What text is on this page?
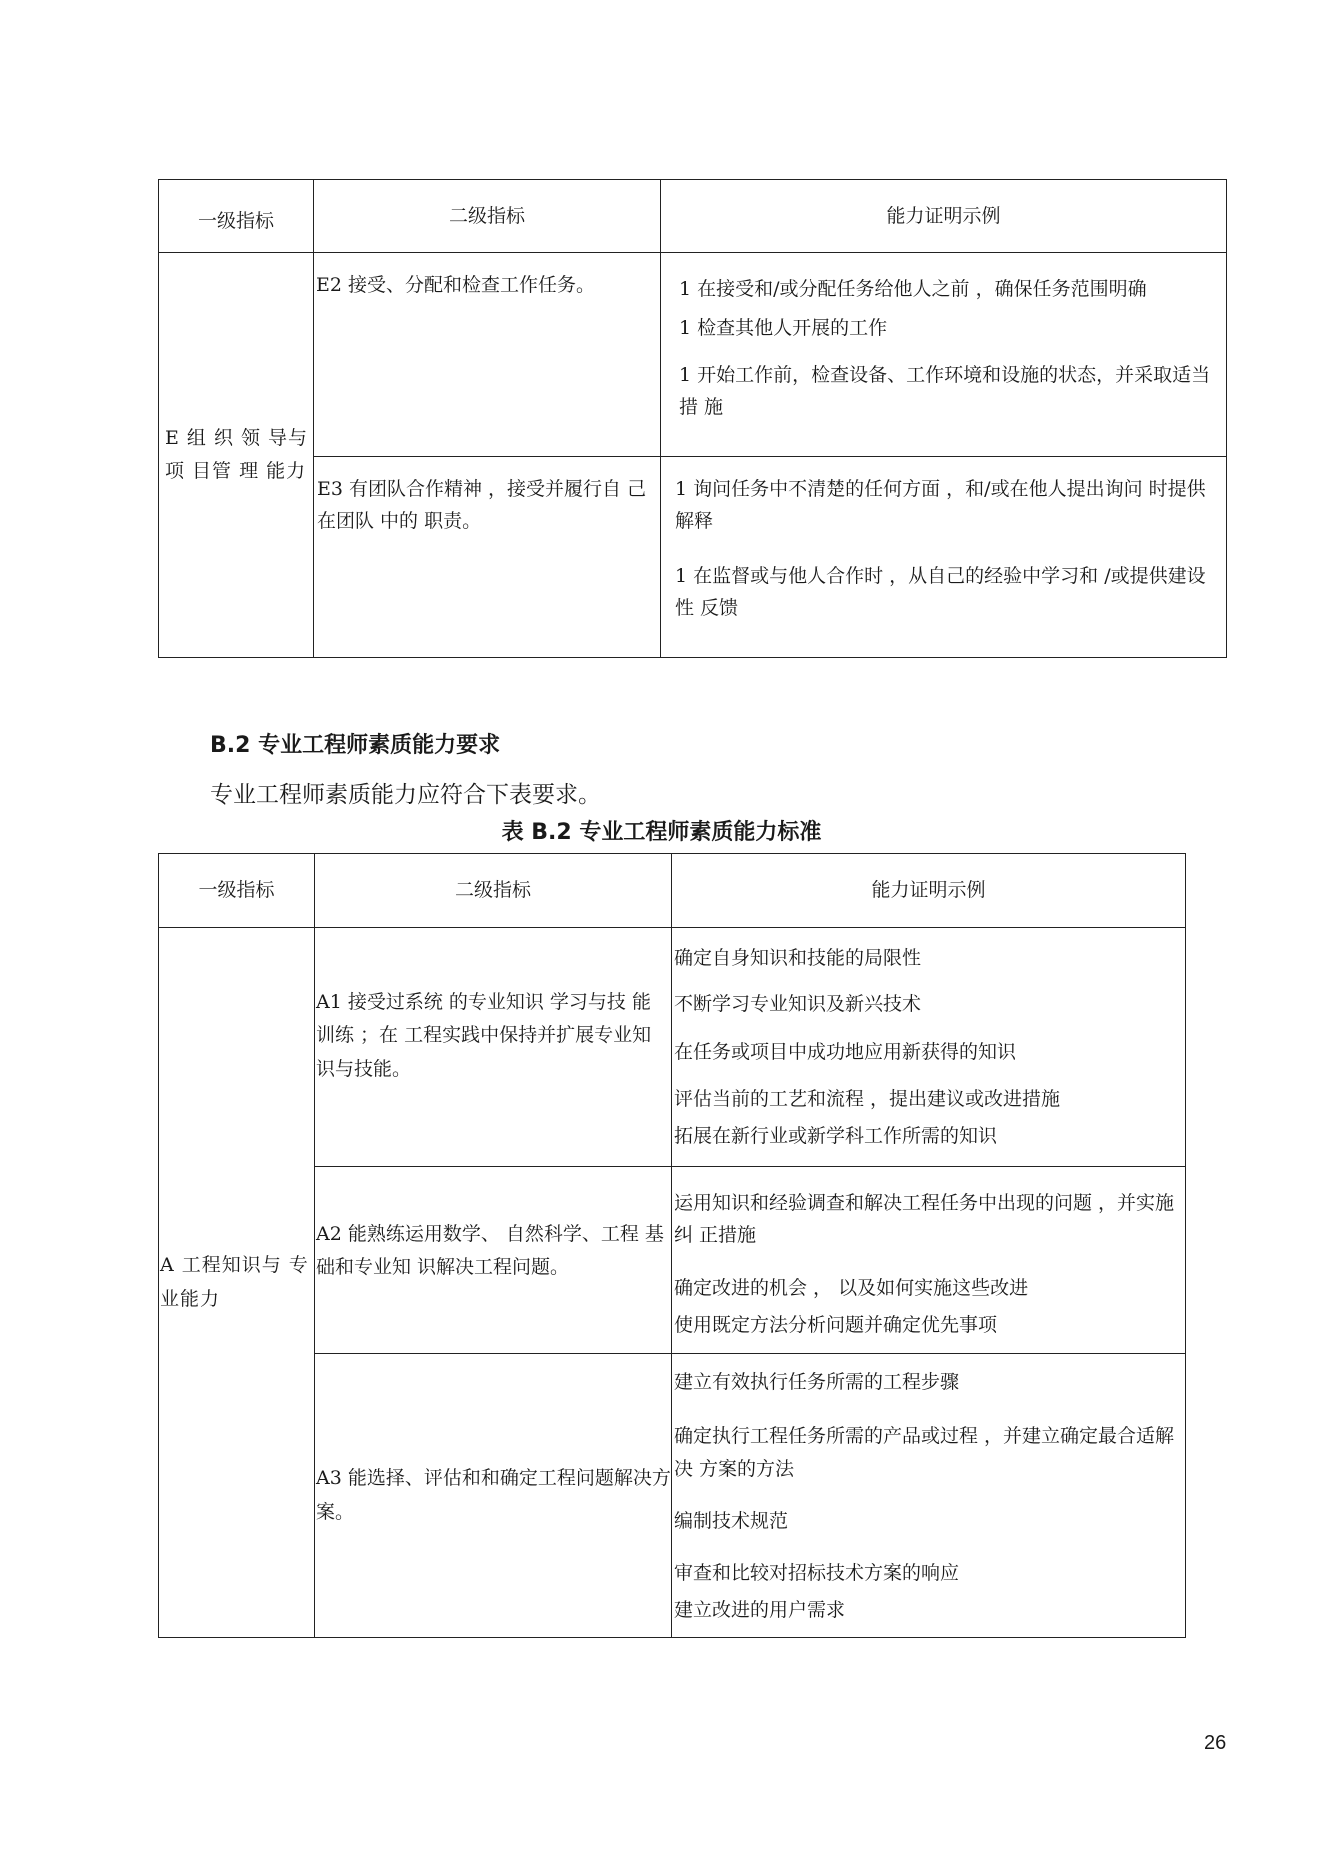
一级指标	二级指标	能力证明示例

E 组 织 领 导与 项 目管 理 能力	E2 接受、分配和检查工作任务。	1 在接受和/或分配任务给他人之前 ，确保任务范围明确

1 检查其他人开展的工作

1 开始工作前，检查设备、工作环境和设施的状态，并采取适当措 施

	E3 有团队合作精神 ，接受并履行自 己在团队 中的 职责。	1 询问任务中不清楚的任何方面 ，和/或在他人提出询问 时提供 解释

1 在监督或与他人合作时 ，从自己的经验中学习和 /或提供建设性 反馈

B.2 专业工程师素质能力要求
专业工程师素质能力应符合下表要求。
表 B.2 专业工程师素质能力标准
一级指标	二级指标	能力证明示例

A 工程知识与 专业能力	A1 接受过系统 的专业知识 学习与技 能训练 ；在 工程实践中保持并扩展专业知识与技能。	确定自身知识和技能的局限性

不断学习专业知识及新兴技术

在任务或项目中成功地应用新获得的知识

评估当前的工艺和流程 ，提出建议或改进措施

拓展在新行业或新学科工作所需的知识

	A2 能熟练运用数学、 自然科学、工程 基础和专业知 识解决工程问题。	运用知识和经验调查和解决工程任务中出现的问题 ，并实施纠 正措施

确定改进的机会 ， 以及如何实施这些改进

使用既定方法分析问题并确定优先事项

	A3 能选择、评估和和确定工程问题解决方案。	建立有效执行任务所需的工程步骤

确定执行工程任务所需的产品或过程 ，并建立确定最合适解决 方案的方法

编制技术规范

审查和比较对招标技术方案的响应

建立改进的用户需求

26
